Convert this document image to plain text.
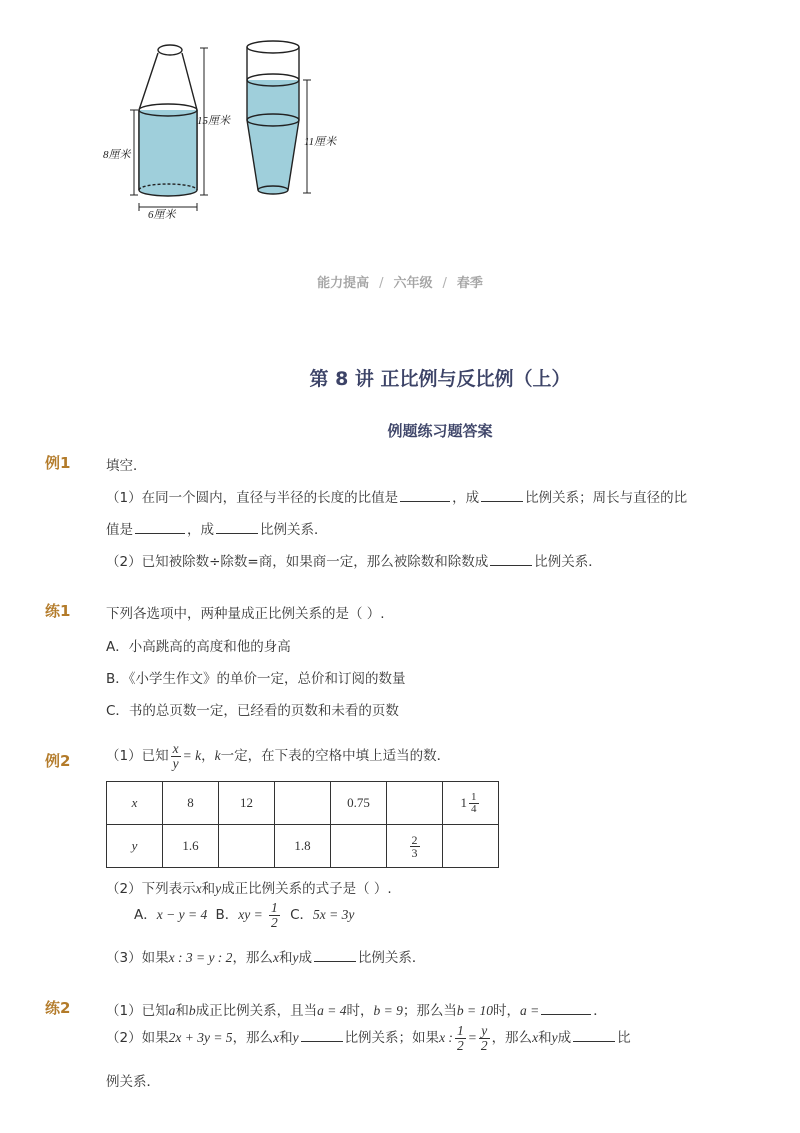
15厘米
8厘米
6厘米
11厘米
能力提高 / 六年级 / 春季
第 8 讲 正比例与反比例（上）
例题练习题答案
例1	填空．
（1）在同一个圆内，直径与半径的长度的比值是	，成	比例关系；周长与直径的比
值是	，成	比例关系．
（2）已知被除数÷除数=商，如果商一定，那么被除数和除数成	比例关系．
练1	下列各选项中，两种量成正比例关系的是（ ）.
A．小高跳高的高度和他的身高
B．《小学生作文》的单价一定，总价和订阅的数量
C．书的总页数一定，已经看的页数和未看的页数
例2	（1）已知 $\frac{x}{y} = k$，k一定，在下表的空格中填上适当的数．
x	8	12		0.75		$1 \frac{1}{4}$

y	1.6		1.8		$\frac{2}{3}$

（2）下列表示x和y成正比例关系的式子是（ ）.
A．x − y = 4 B．xy = $\frac{1}{2}$ C．5x = 3y
（3）如果x : 3 = y : 2，那么x和y成	比例关系．
练2	（1）已知a和b成正比例关系，且当a = 4时，b = 9；那么当b = 10时，a =	．
（2）如果2x + 3y = 5，那么x和y	比例关系；如果x : $\frac{1}{2} = \frac{y}{2}$ ，那么x和y成	比
例关系．
